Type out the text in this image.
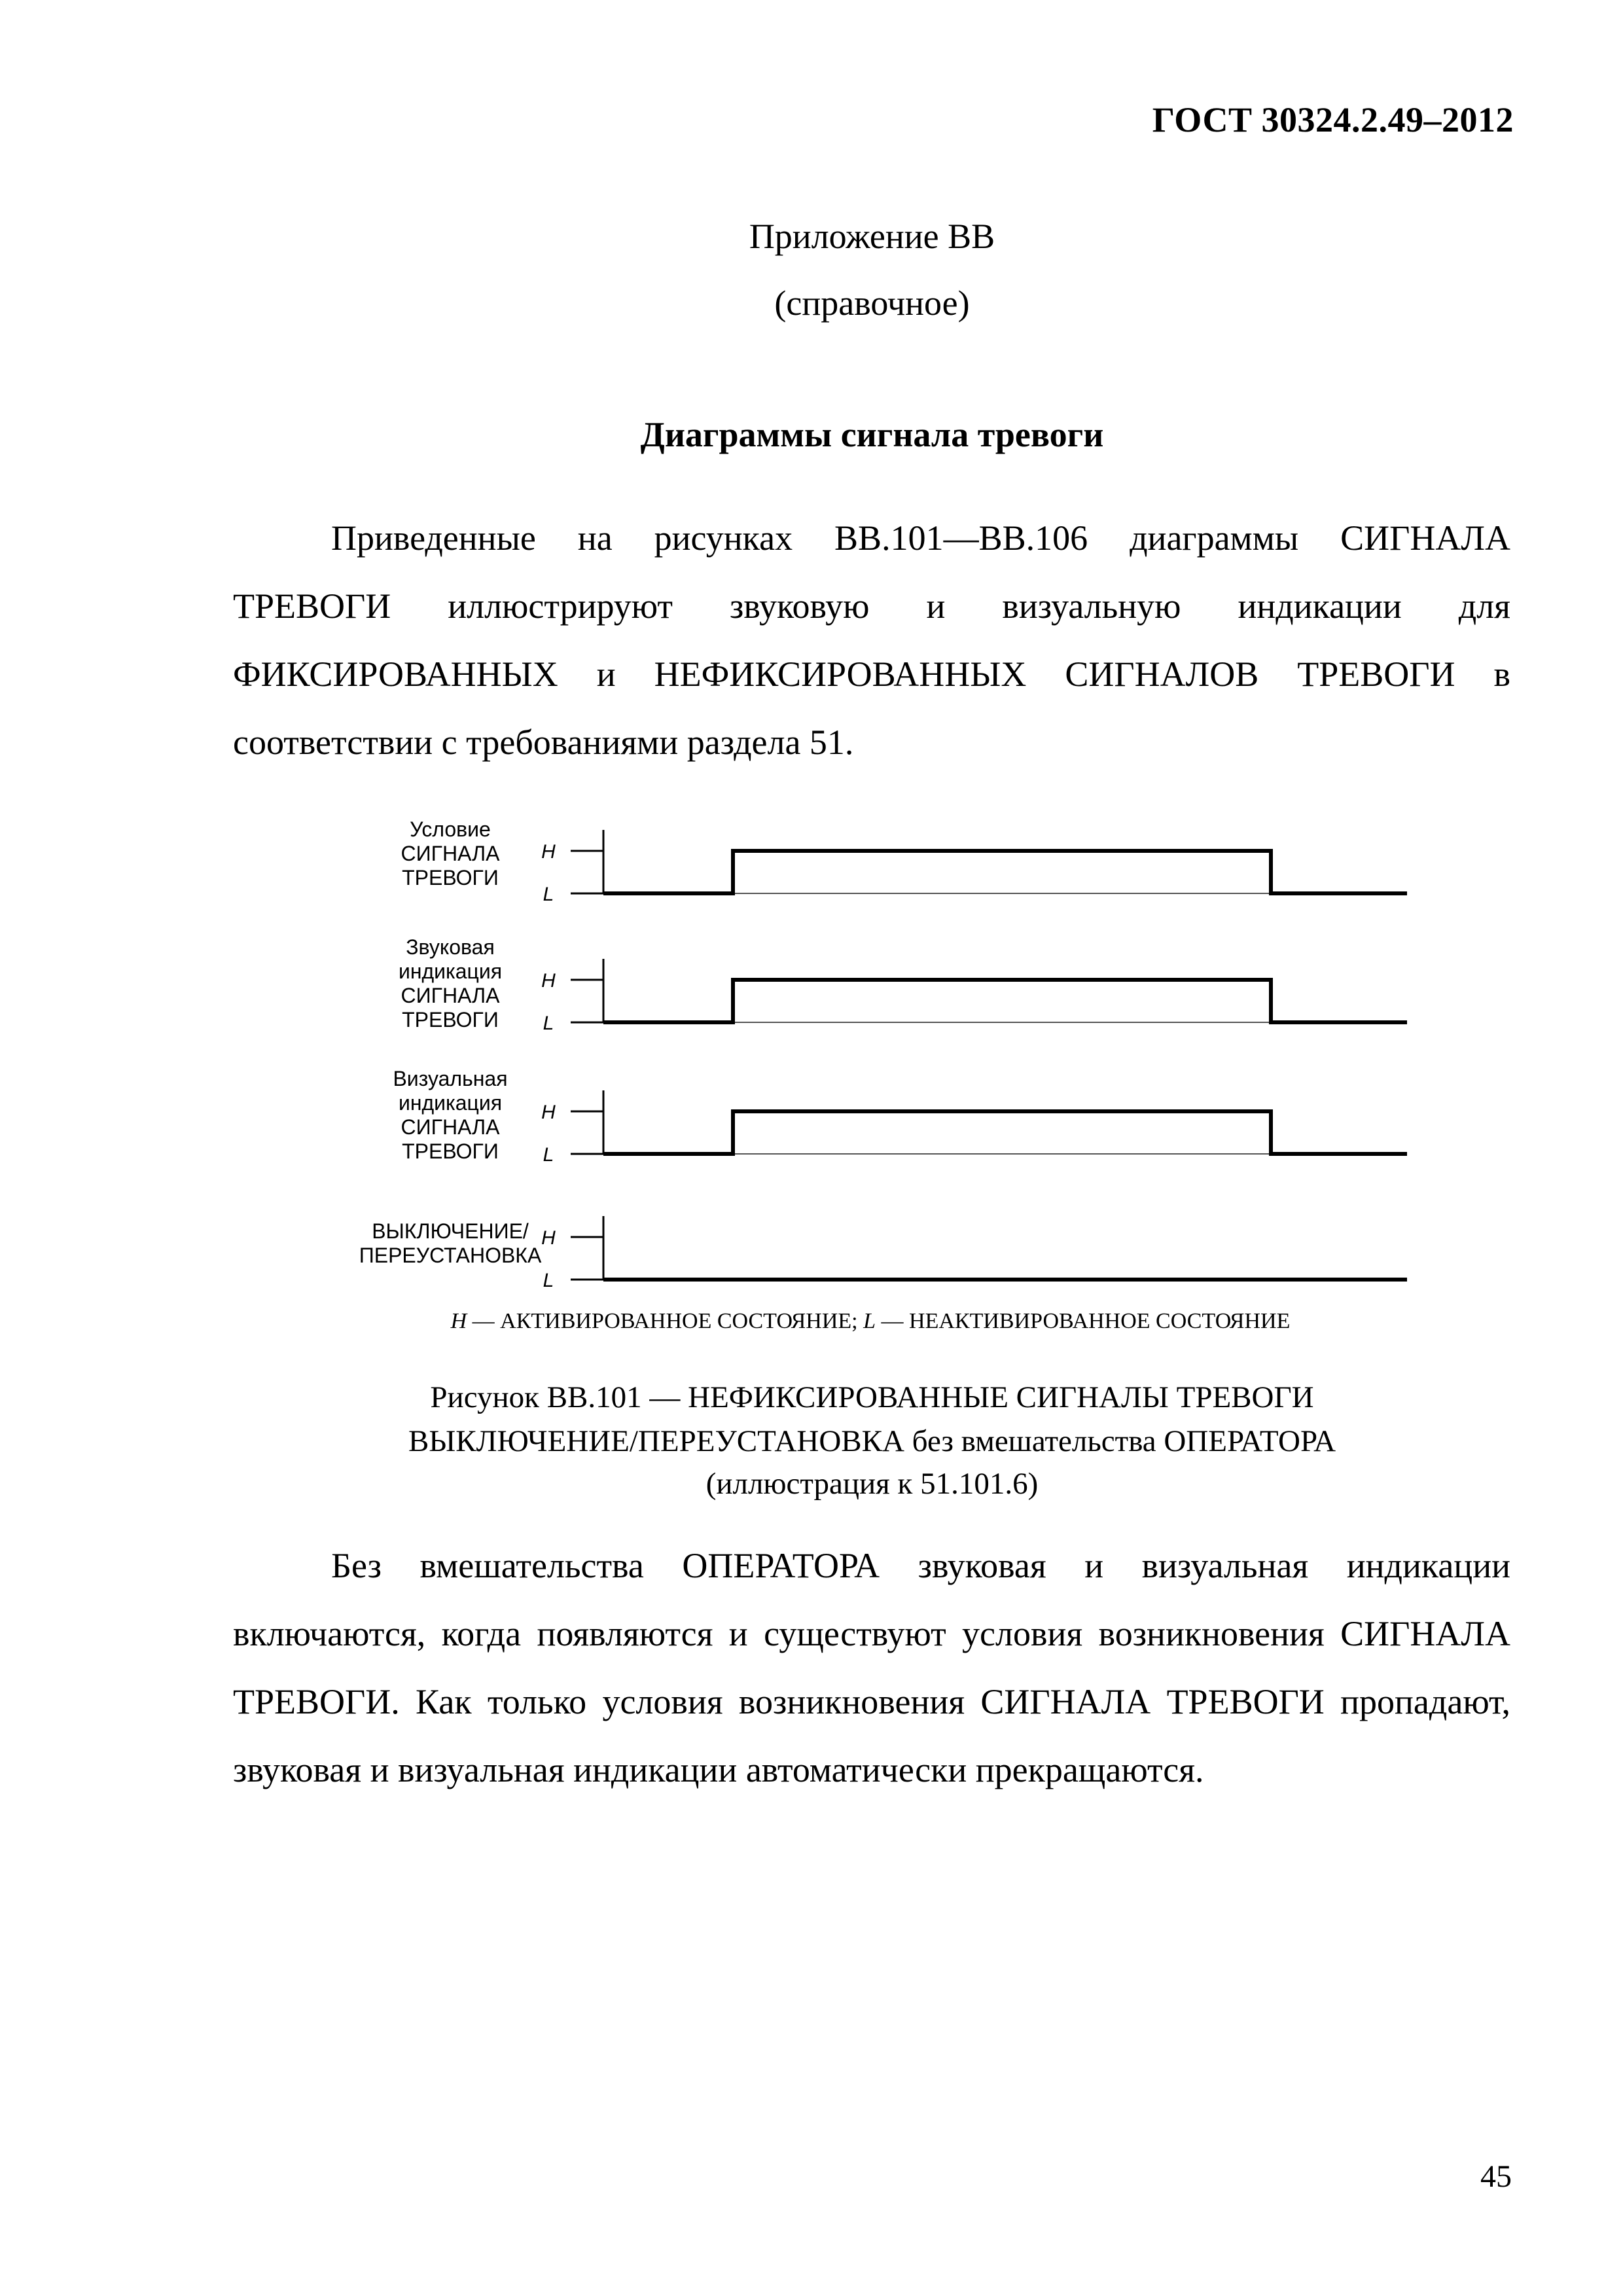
ГОСТ 30324.2.49–2012
Приложение ВВ
(справочное)
Диаграммы сигнала тревоги

Приведенные на рисунках ВВ.101—ВВ.106 диаграммы СИГНАЛА ТРЕВОГИ иллюстрируют звуковую и визуальную индикации для ФИКСИРОВАННЫХ и НЕФИКСИРОВАННЫХ СИГНАЛОВ ТРЕВОГИ в соответствии с требованиями раздела 51.

Условие
СИГНАЛА
ТРЕВОГИ
H
L
Звуковая
индикация
СИГНАЛА
ТРЕВОГИ
H
L
Визуальная
индикация
СИГНАЛА
ТРЕВОГИ
H
L
ВЫКЛЮЧЕНИЕ/
ПЕРЕУСТАНОВКА
H
L
H — АКТИВИРОВАННОЕ СОСТОЯНИЕ; L — НЕАКТИВИРОВАННОЕ СОСТОЯНИЕ
Рисунок ВВ.101 — НЕФИКСИРОВАННЫЕ СИГНАЛЫ ТРЕВОГИ
ВЫКЛЮЧЕНИЕ/ПЕРЕУСТАНОВКА без вмешательства ОПЕРАТОРА
(иллюстрация к 51.101.6)

Без вмешательства ОПЕРАТОРА звуковая и визуальная индикации включаются, когда появляются и существуют условия возникновения СИГНАЛА ТРЕВОГИ. Как только условия возникновения СИГНАЛА ТРЕВОГИ пропадают, звуковая и визуальная индикации автоматически прекращаются.

45
